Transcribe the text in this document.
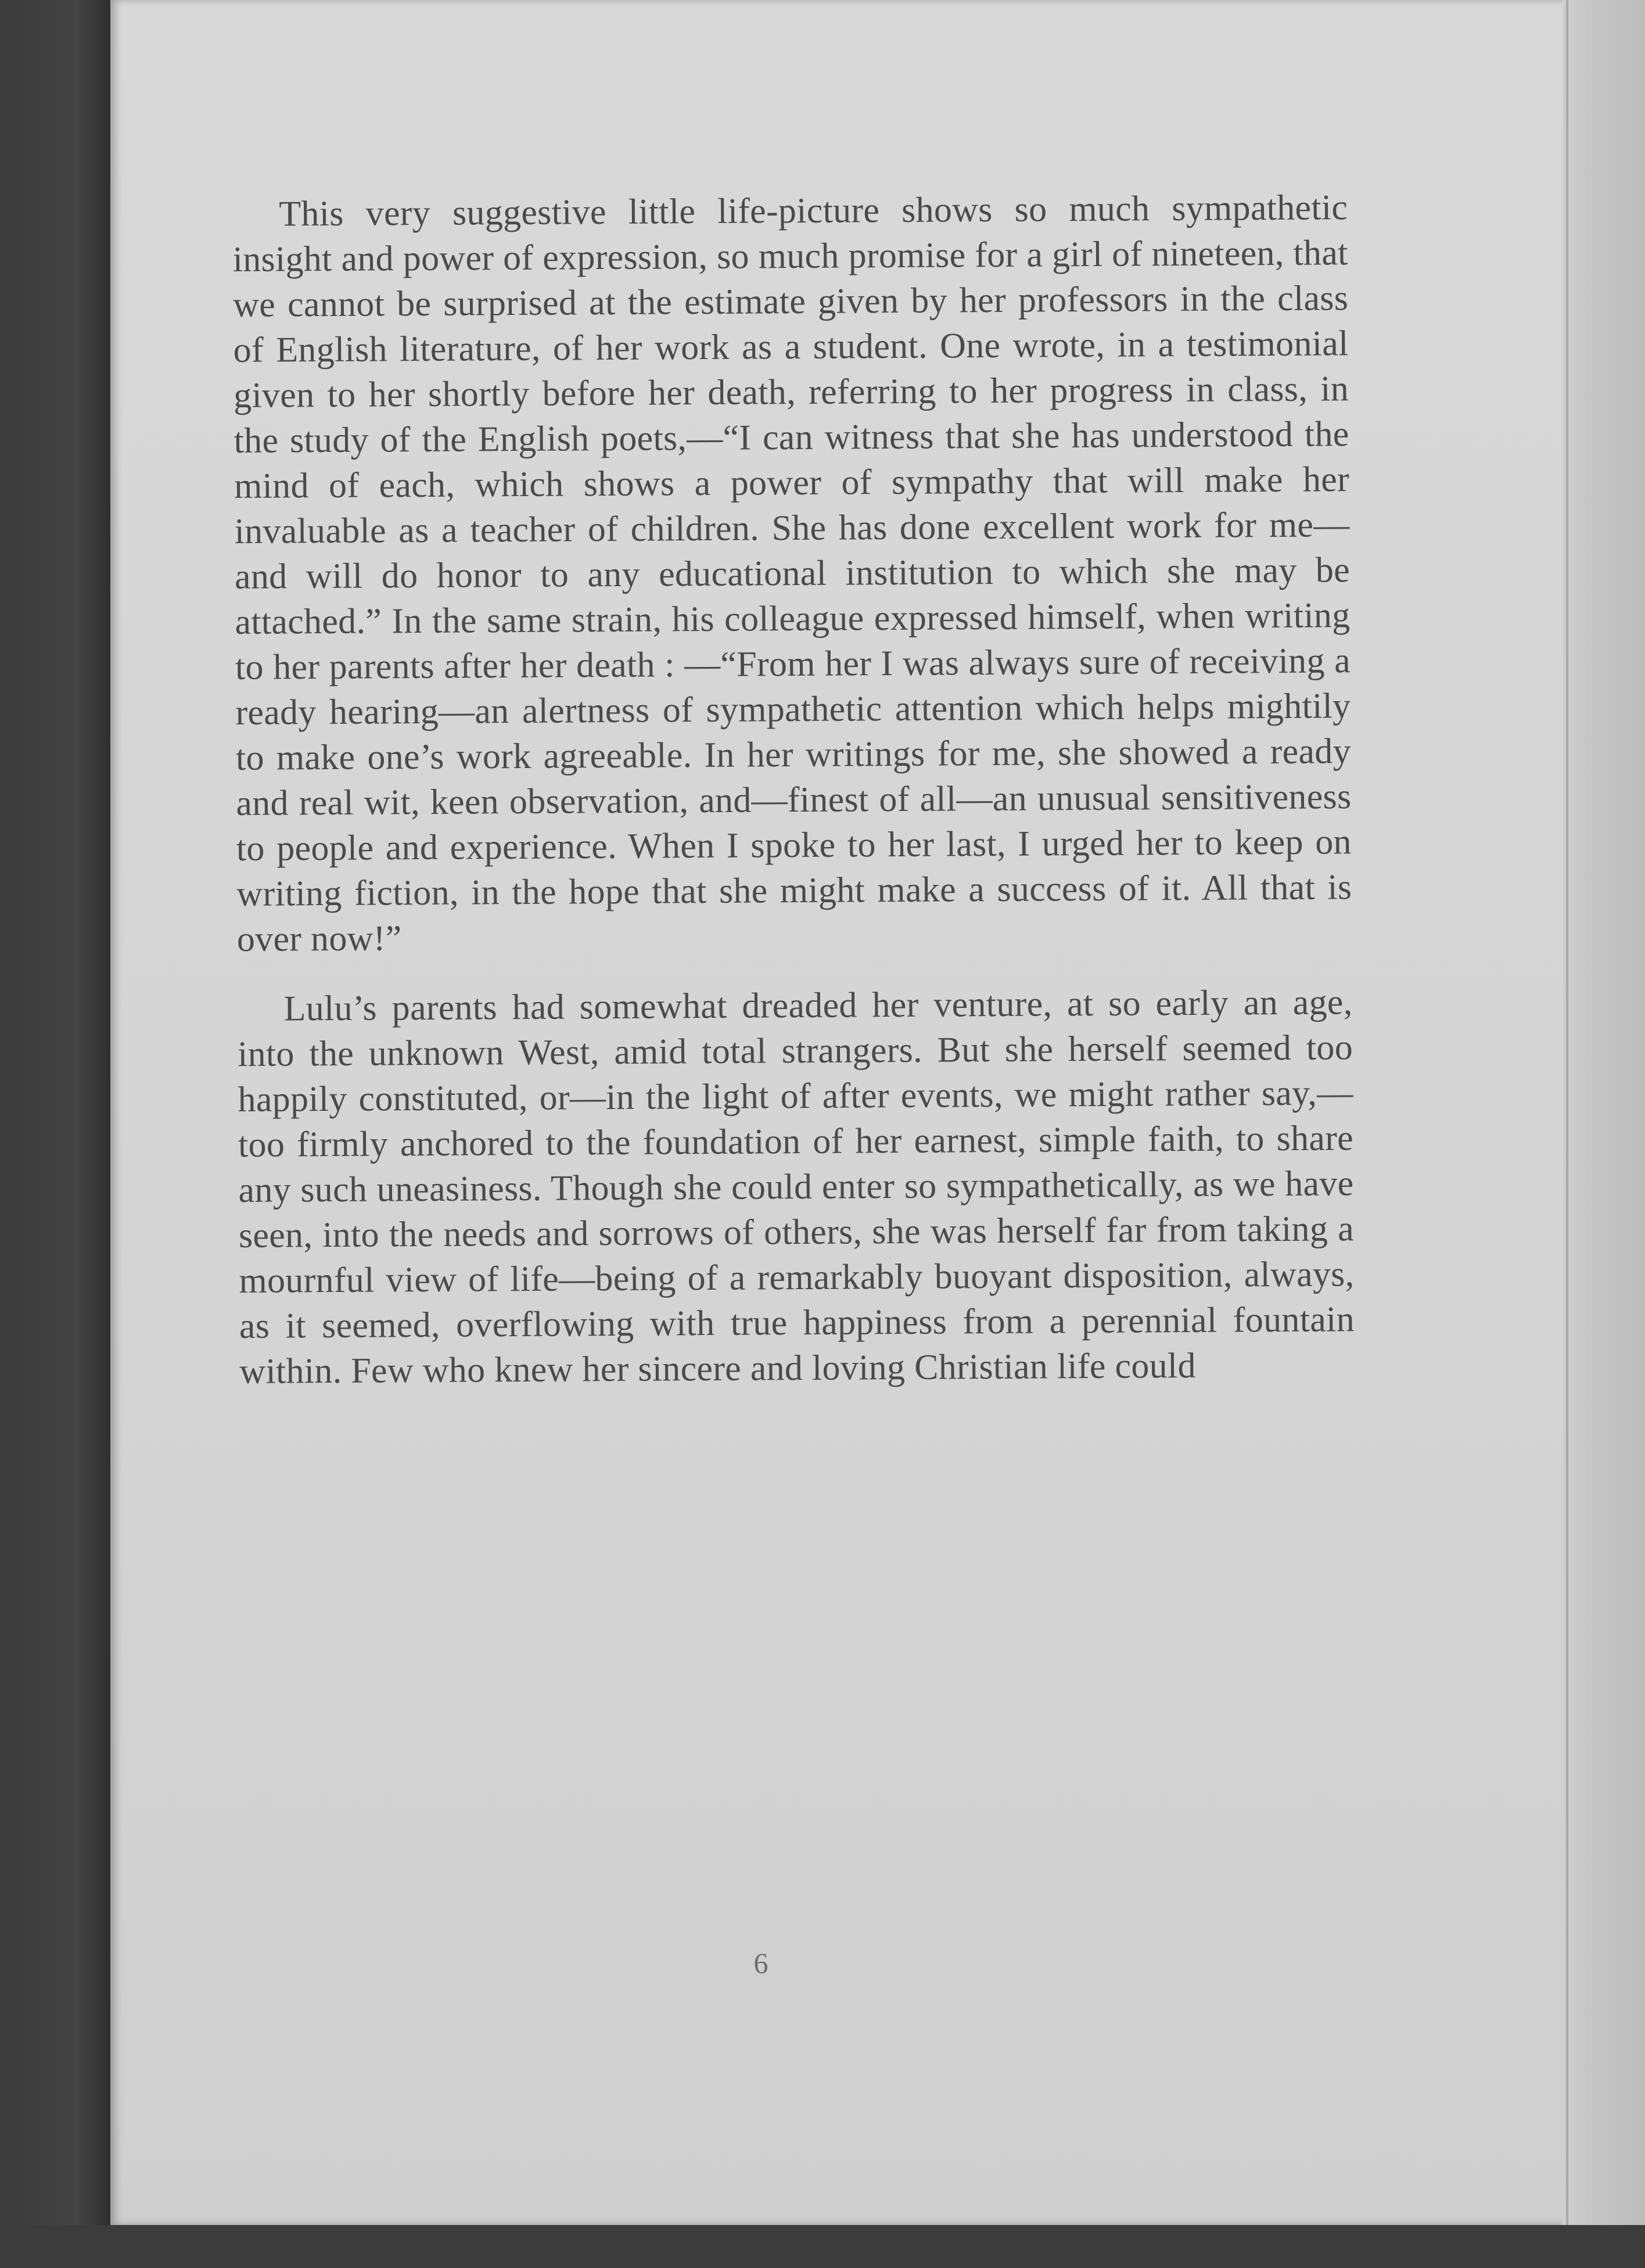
This very suggestive little life-picture shows so much sympathetic insight and power of expression, so much promise for a girl of nineteen, that we cannot be surprised at the estimate given by her professors in the class of English literature, of her work as a student. One wrote, in a testimonial given to her shortly before her death, referring to her progress in class, in the study of the English poets,—“I can witness that she has understood the mind of each, which shows a power of sympathy that will make her invaluable as a teacher of children. She has done excellent work for me—and will do honor to any educational institution to which she may be attached.” In the same strain, his colleague expressed himself, when writing to her parents after her death : —“From her I was always sure of receiving a ready hearing—an alertness of sympathetic attention which helps mightily to make one’s work agreeable. In her writings for me, she showed a ready and real wit, keen observation, and—finest of all—an unusual sensitiveness to people and experience. When I spoke to her last, I urged her to keep on writing fiction, in the hope that she might make a success of it. All that is over now!”

Lulu’s parents had somewhat dreaded her venture, at so early an age, into the unknown West, amid total strangers. But she herself seemed too happily constituted, or—in the light of after events, we might rather say,—too firmly anchored to the foundation of her earnest, simple faith, to share any such uneasiness. Though she could enter so sympathetically, as we have seen, into the needs and sorrows of others, she was herself far from taking a mournful view of life—being of a remarkably buoyant disposition, always, as it seemed, overflowing with true happiness from a perennial fountain within. Few who knew her sincere and loving Christian life could

6
